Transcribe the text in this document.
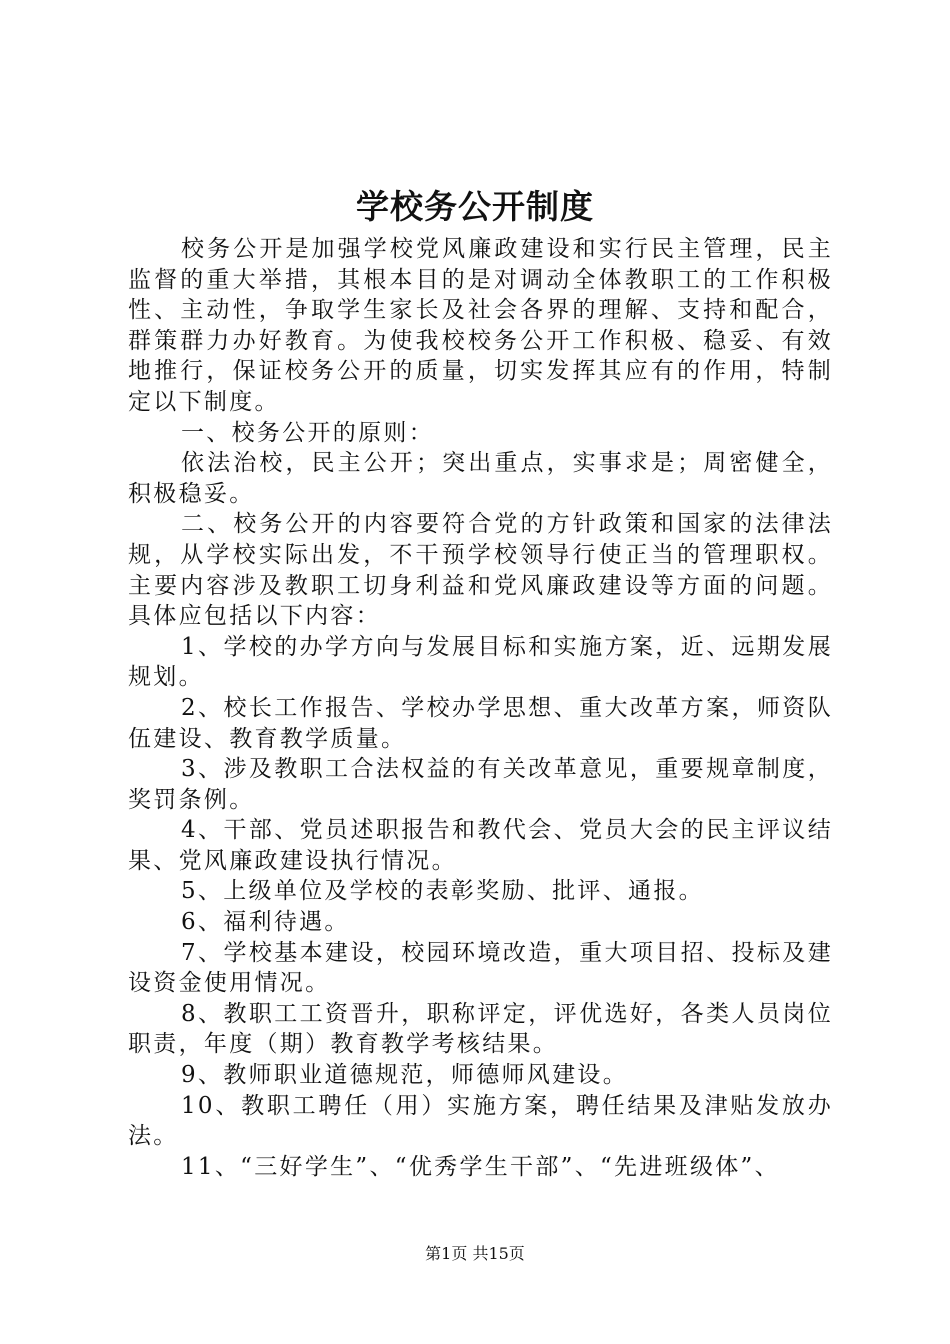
学校务公开制度

校务公开是加强学校党风廉政建设和实行民主管理，民主监督的重大举措，其根本目的是对调动全体教职工的工作积极性、主动性，争取学生家长及社会各界的理解、支持和配合，群策群力办好教育。为使我校校务公开工作积极、稳妥、有效地推行，保证校务公开的质量，切实发挥其应有的作用，特制定以下制度。

一、校务公开的原则：

依法治校，民主公开；突出重点，实事求是；周密健全，积极稳妥。

二、校务公开的内容要符合党的方针政策和国家的法律法规，从学校实际出发，不干预学校领导行使正当的管理职权。主要内容涉及教职工切身利益和党风廉政建设等方面的问题。具体应包括以下内容：

1、学校的办学方向与发展目标和实施方案，近、远期发展规划。

2、校长工作报告、学校办学思想、重大改革方案，师资队伍建设、教育教学质量。

3、涉及教职工合法权益的有关改革意见，重要规章制度，奖罚条例。

4、干部、党员述职报告和教代会、党员大会的民主评议结果、党风廉政建设执行情况。

5、上级单位及学校的表彰奖励、批评、通报。

6、福利待遇。

7、学校基本建设，校园环境改造，重大项目招、投标及建设资金使用情况。

8、教职工工资晋升，职称评定，评优选好，各类人员岗位职责，年度（期）教育教学考核结果。

9、教师职业道德规范，师德师风建设。

10、教职工聘任（用）实施方案，聘任结果及津贴发放办法。

11、“三好学生”、“优秀学生干部”、“先进班级体”、

第1页 共15页
